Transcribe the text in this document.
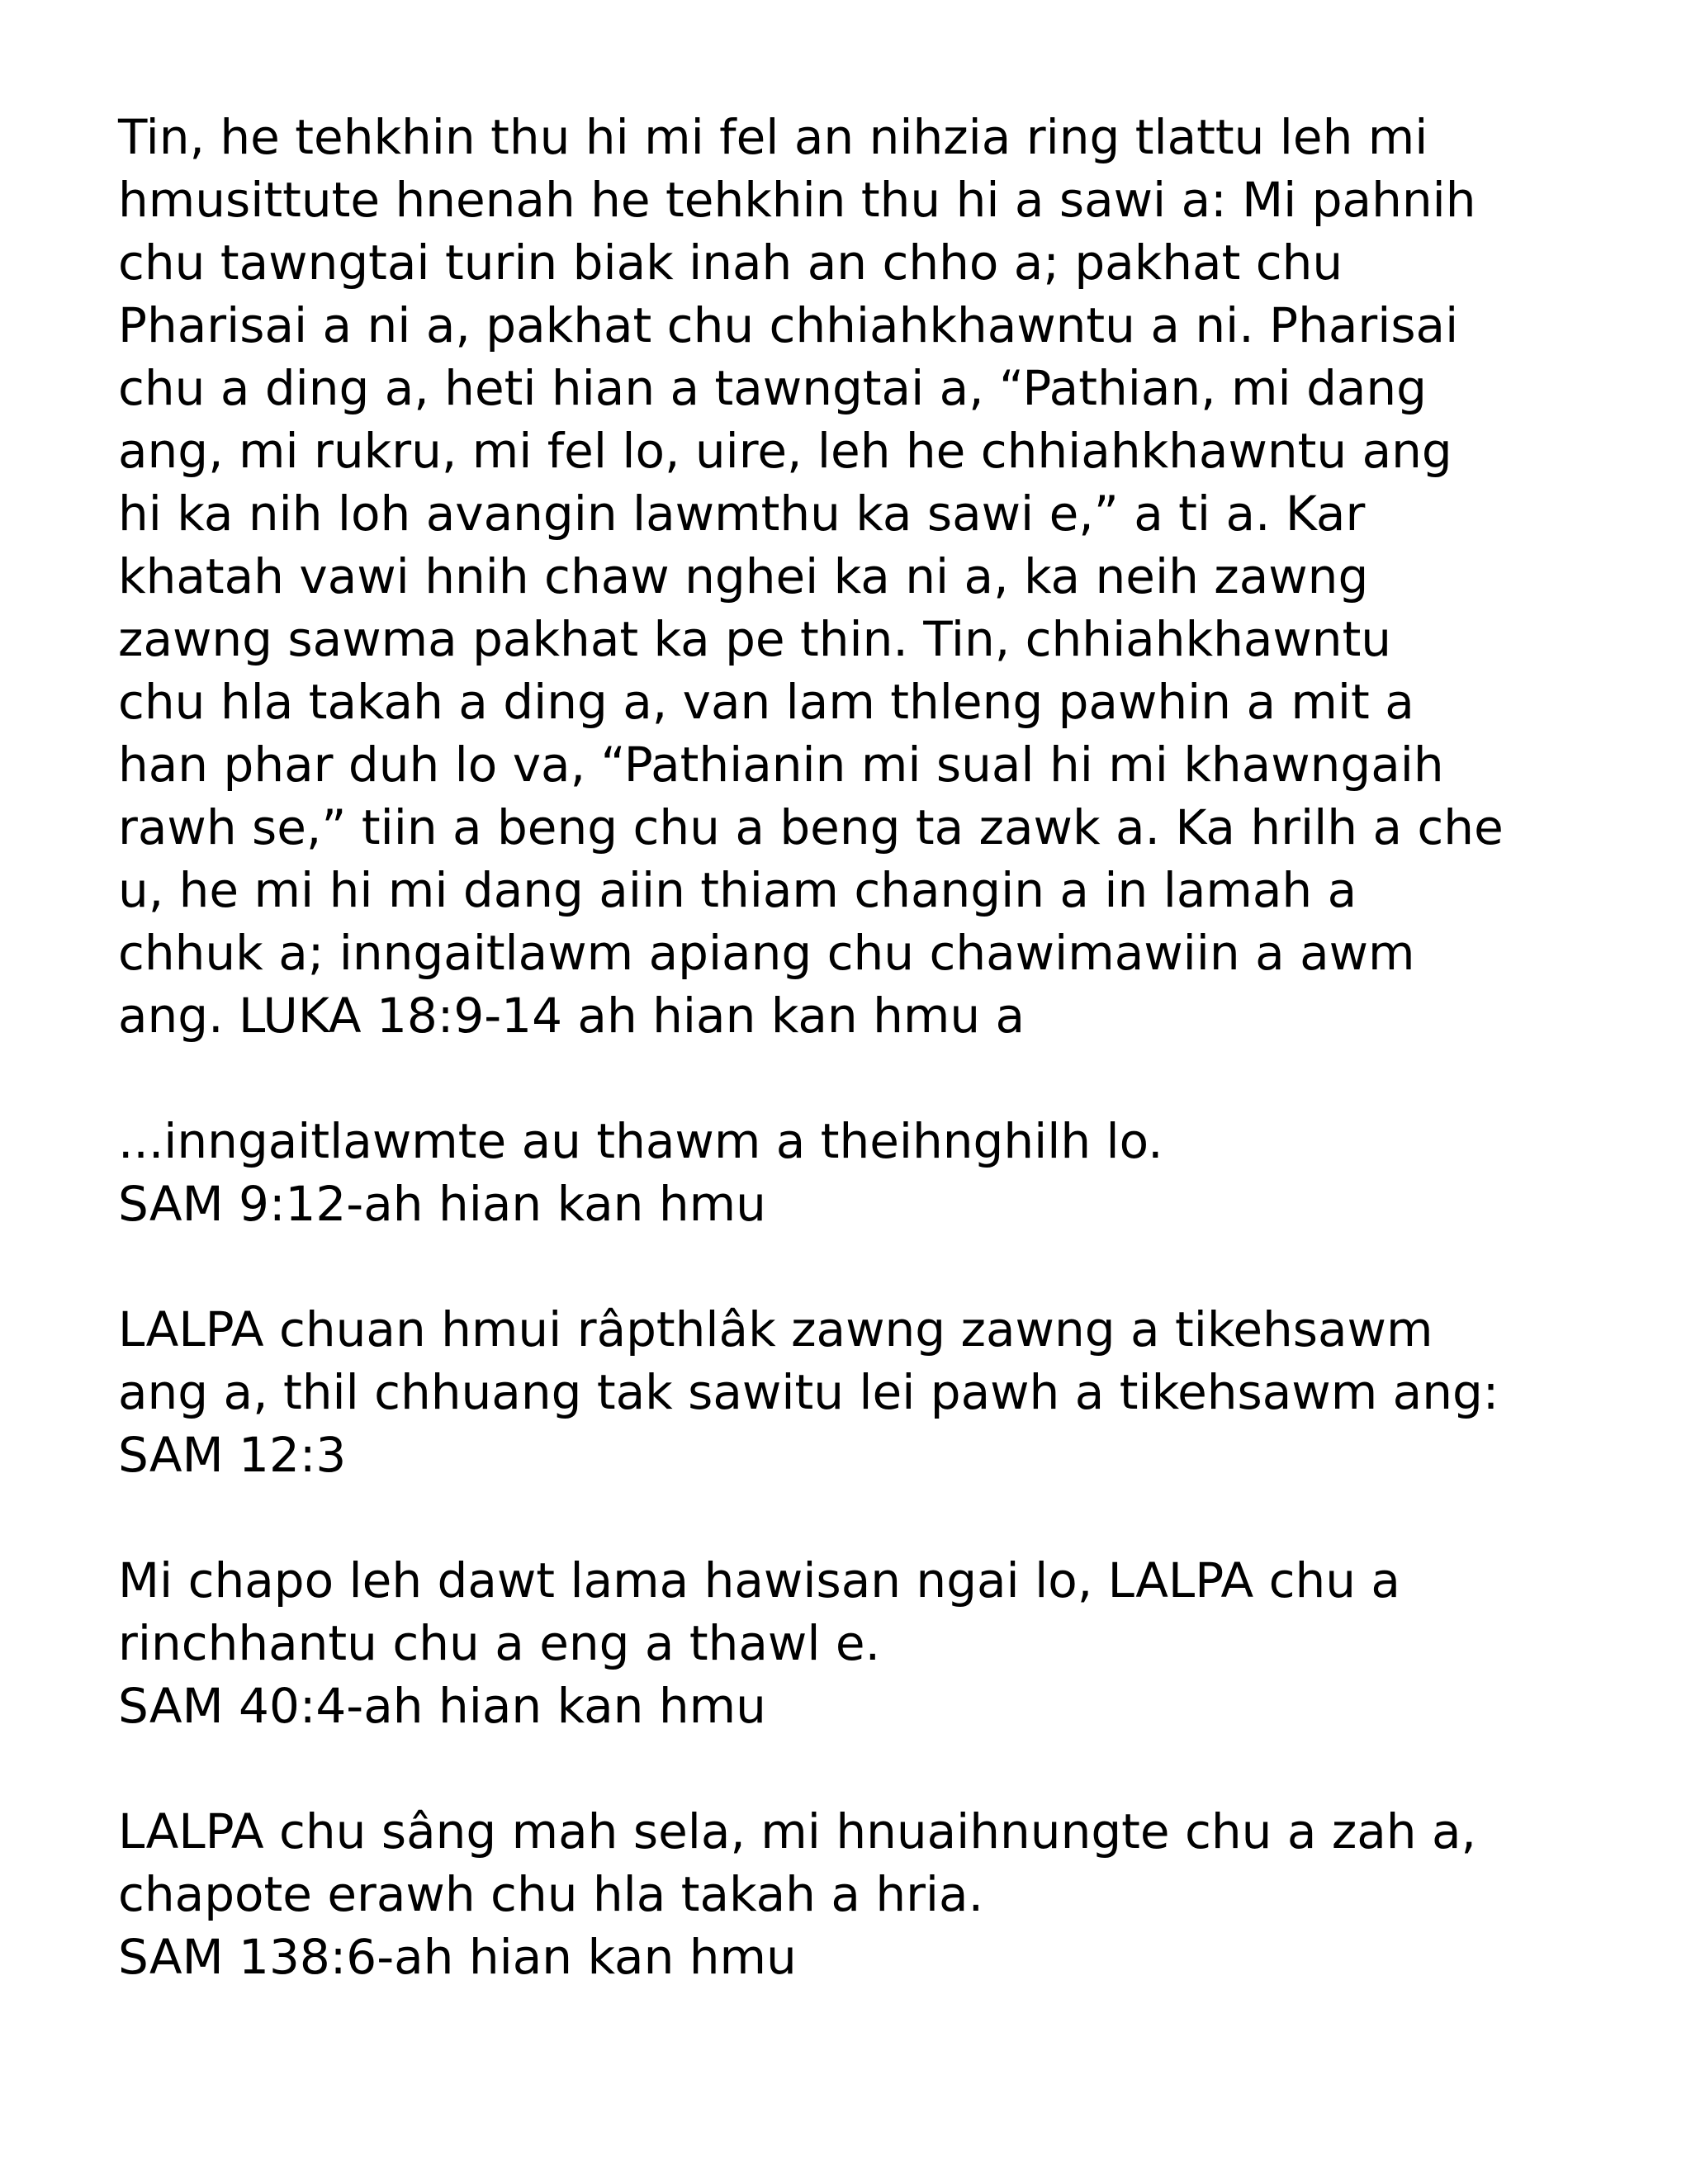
Tin, he tehkhin thu hi mi fel an nihzia ring tlattu leh mi
hmusittute hnenah he tehkhin thu hi a sawi a: Mi pahnih
chu tawngtai turin biak inah an chho a; pakhat chu
Pharisai a ni a, pakhat chu chhiahkhawntu a ni. Pharisai
chu a ding a, heti hian a tawngtai a, “Pathian, mi dang
ang, mi rukru, mi fel lo, uire, leh he chhiahkhawntu ang
hi ka nih loh avangin lawmthu ka sawi e,” a ti a. Kar
khatah vawi hnih chaw nghei ka ni a, ka neih zawng
zawng sawma pakhat ka pe thin. Tin, chhiahkhawntu
chu hla takah a ding a, van lam thleng pawhin a mit a
han phar duh lo va, “Pathianin mi sual hi mi khawngaih
rawh se,” tiin a beng chu a beng ta zawk a. Ka hrilh a che
u, he mi hi mi dang aiin thiam changin a in lamah a
chhuk a; inngaitlawm apiang chu chawimawiin a awm
ang. LUKA 18:9-14 ah hian kan hmu a
...inngaitlawmte au thawm a theihnghilh lo.
SAM 9:12-ah hian kan hmu
LALPA chuan hmui râpthlâk zawng zawng a tikehsawm
ang a, thil chhuang tak sawitu lei pawh a tikehsawm ang:
SAM 12:3
Mi chapo leh dawt lama hawisan ngai lo, LALPA chu a
rinchhantu chu a eng a thawl e.
SAM 40:4-ah hian kan hmu
LALPA chu sâng mah sela, mi hnuaihnungte chu a zah a,
chapote erawh chu hla takah a hria.
SAM 138:6-ah hian kan hmu
